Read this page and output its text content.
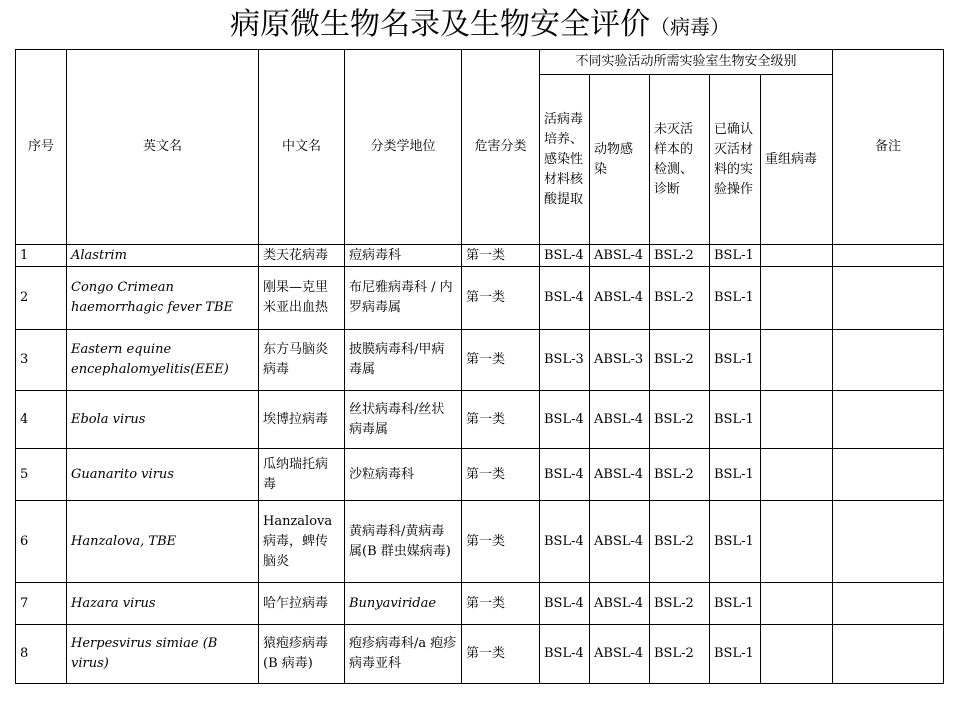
病原微生物名录及生物安全评价（病毒）
序号	英文名	中文名	分类学地位	危害分类	不同实验活动所需实验室生物安全级别					备注
					活病毒培养、感染性材料核酸提取	动物感染	未灭活样本的检测、诊断	已确认灭活材料的实验操作	重组病毒	
1	Alastrim	类天花病毒	痘病毒科	第一类	BSL-4	ABSL-4	BSL-2	BSL-1		
2	Congo Crimean haemorrhagic fever TBE	刚果—克里米亚出血热	布尼雅病毒科 / 内罗病毒属	第一类	BSL-4	ABSL-4	BSL-2	BSL-1		
3	Eastern equine encephalomyelitis(EEE)	东方马脑炎病毒	披膜病毒科/甲病毒属	第一类	BSL-3	ABSL-3	BSL-2	BSL-1		
4	Ebola virus	埃博拉病毒	丝状病毒科/丝状病毒属	第一类	BSL-4	ABSL-4	BSL-2	BSL-1		
5	Guanarito virus	瓜纳瑞托病毒	沙粒病毒科	第一类	BSL-4	ABSL-4	BSL-2	BSL-1		
6	Hanzalova, TBE	Hanzalova病毒，蜱传脑炎	黄病毒科/黄病毒属(B 群虫媒病毒)	第一类	BSL-4	ABSL-4	BSL-2	BSL-1		
7	Hazara virus	哈乍拉病毒	Bunyaviridae	第一类	BSL-4	ABSL-4	BSL-2	BSL-1		
8	Herpesvirus simiae (B virus)	猿疱疹病毒(B 病毒)	疱疹病毒科/a 疱疹病毒亚科	第一类	BSL-4	ABSL-4	BSL-2	BSL-1		
